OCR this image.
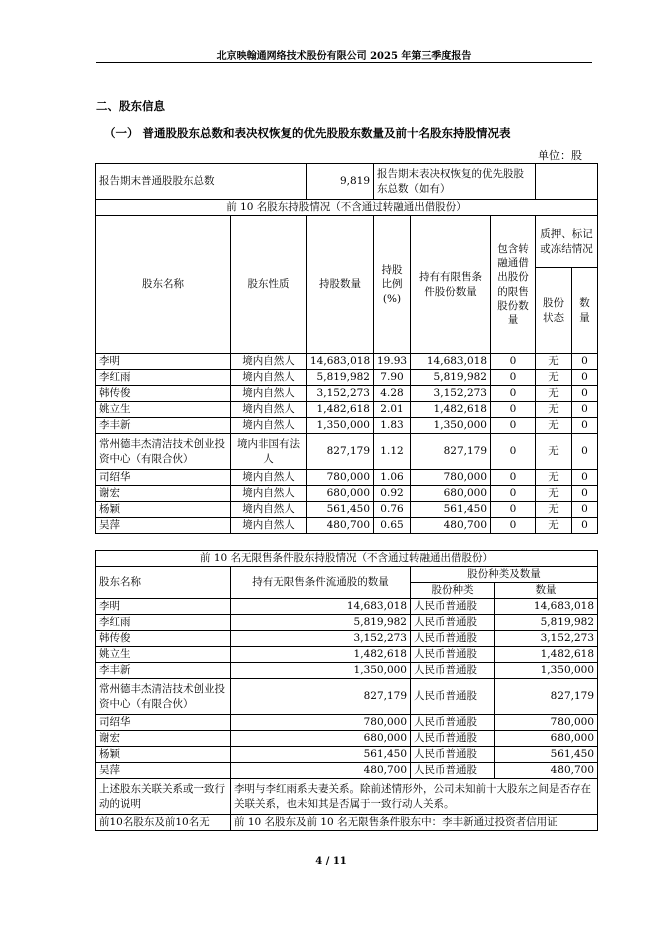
北京映翰通网络技术股份有限公司 2025 年第三季度报告
二、股东信息
（一） 普通股股东总数和表决权恢复的优先股股东数量及前十名股东持股情况表
单位：股
报告期末普通股股东总数		9,819	报告期末表决权恢复的优先股股东总数（如有）				
前 10 名股东持股情况（不含通过转融通出借股份）							
股东名称	股东性质	持股数量	持股比例(%)	持有有限售条件股份数量	包含转融通借出股份的限售股份数量	质押、标记或冻结情况	
						股份状态	数量
李明	境内自然人	14,683,018	19.93	14,683,018	0	无	0
李红雨	境内自然人	5,819,982	7.90	5,819,982	0	无	0
韩传俊	境内自然人	3,152,273	4.28	3,152,273	0	无	0
姚立生	境内自然人	1,482,618	2.01	1,482,618	0	无	0
李丰新	境内自然人	1,350,000	1.83	1,350,000	0	无	0
常州德丰杰清洁技术创业投资中心（有限合伙）	境内非国有法人	827,179	1.12	827,179	0	无	0
司绍华	境内自然人	780,000	1.06	780,000	0	无	0
谢宏	境内自然人	680,000	0.92	680,000	0	无	0
杨颖	境内自然人	561,450	0.76	561,450	0	无	0
吴萍	境内自然人	480,700	0.65	480,700	0	无	0
前 10 名无限售条件股东持股情况（不含通过转融通出借股份）			
股东名称	持有无限售条件流通股的数量	股份种类及数量	
		股份种类	数量
李明	14,683,018	人民币普通股	14,683,018
李红雨	5,819,982	人民币普通股	5,819,982
韩传俊	3,152,273	人民币普通股	3,152,273
姚立生	1,482,618	人民币普通股	1,482,618
李丰新	1,350,000	人民币普通股	1,350,000
常州德丰杰清洁技术创业投资中心（有限合伙）	827,179	人民币普通股	827,179
司绍华	780,000	人民币普通股	780,000
谢宏	680,000	人民币普通股	680,000
杨颖	561,450	人民币普通股	561,450
吴萍	480,700	人民币普通股	480,700
上述股东关联关系或一致行动的说明	李明与李红雨系夫妻关系。除前述情形外，公司未知前十大股东之间是否存在关联关系，也未知其是否属于一致行动人关系。		
前10名股东及前10名无	前 10 名股东及前 10 名无限售条件股东中：李丰新通过投资者信用证		
4 / 11
